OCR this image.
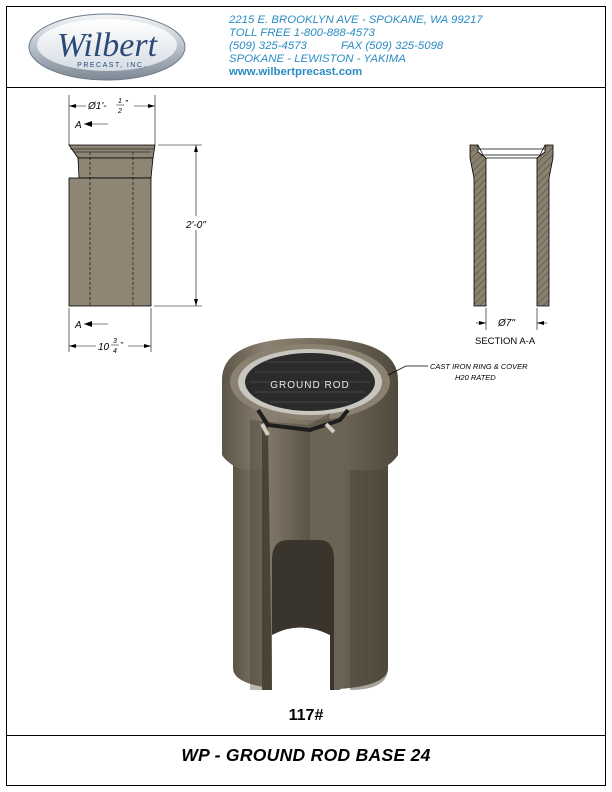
Wilbert
PRECAST, INC.
2215 E. BROOKLYN AVE - SPOKANE, WA 99217
TOLL FREE 1-800-888-4573
(509) 325-4573	FAX (509) 325-5098
SPOKANE - LEWISTON - YAKIMA
www.wilbertprecast.com
Ø1'- 1
2
"
A
A
2'-0"
10
3
4
"
Ø7"
SECTION A-A
GROUND ROD
CAST IRON RING & COVER
H20 RATED
117#
WP - GROUND ROD BASE 24
